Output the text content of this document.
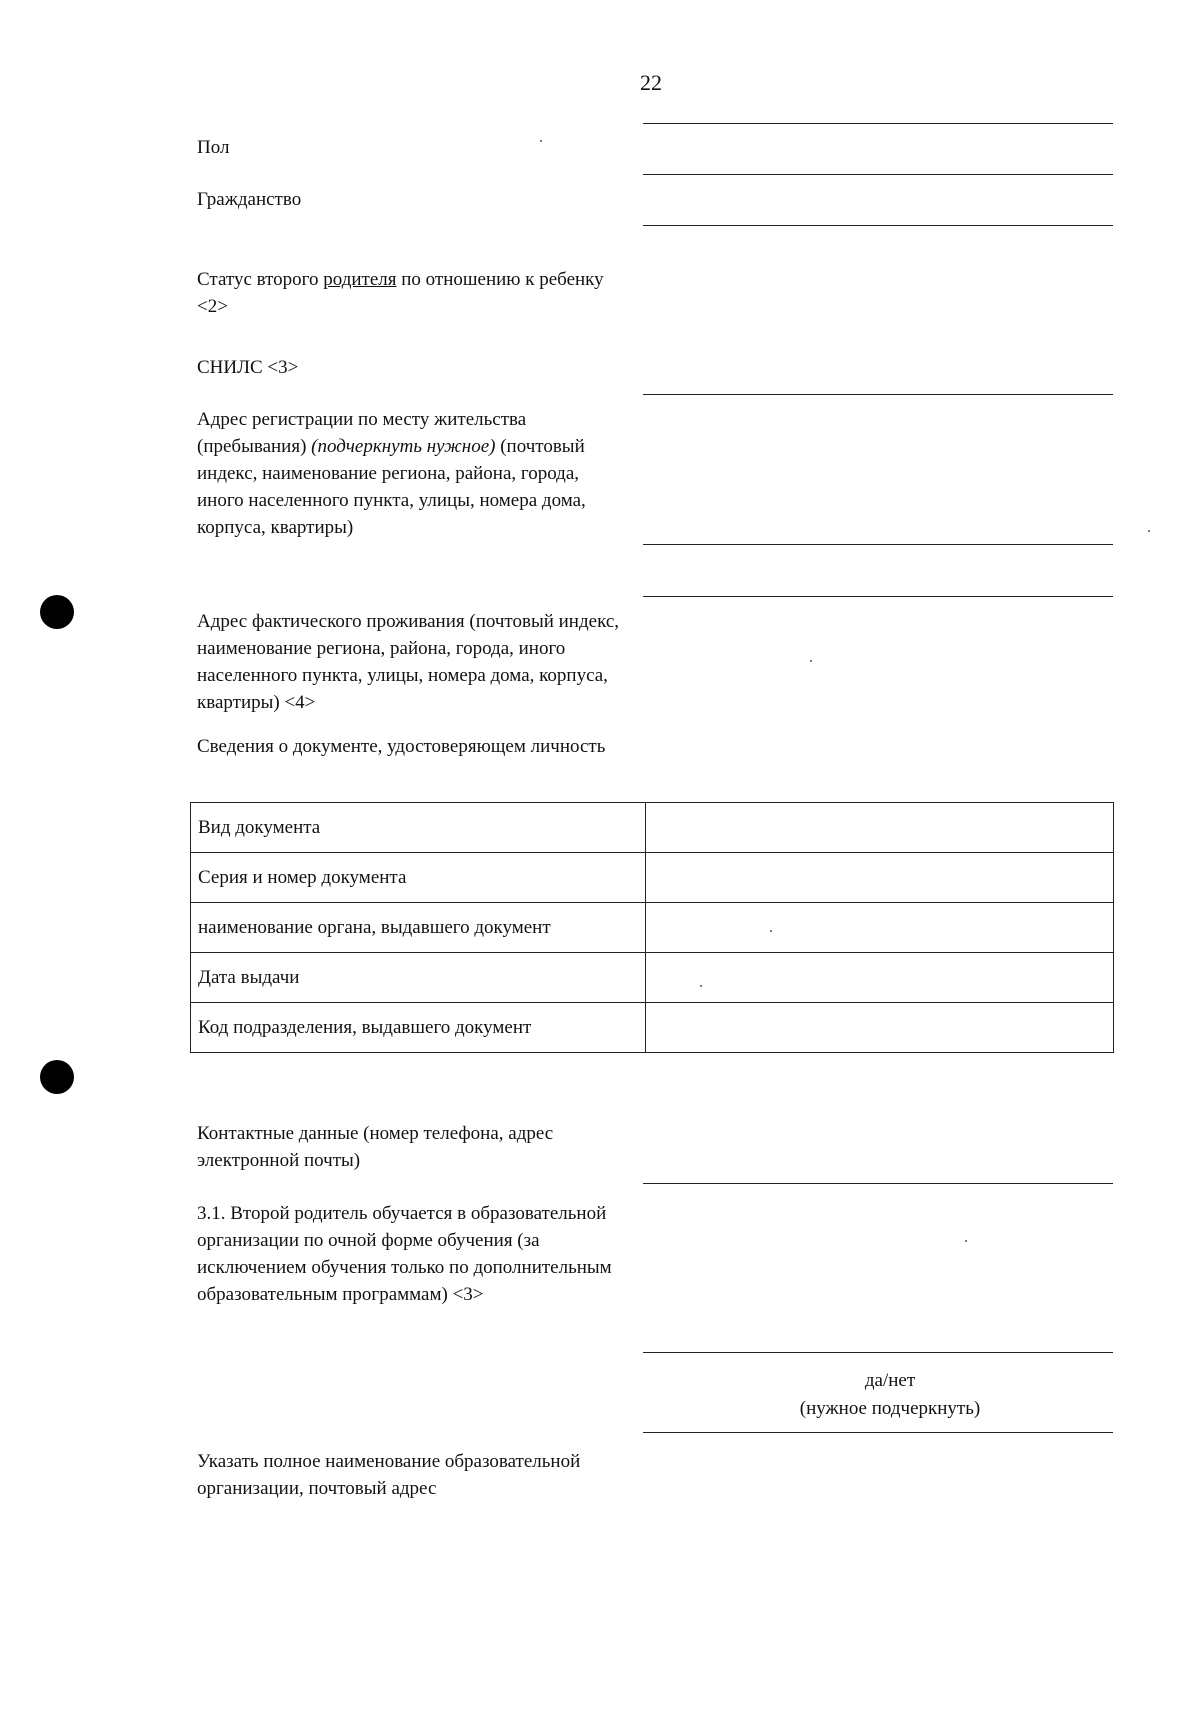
22
Пол
Гражданство
Статус второго родителя по отношению к ребенку <2>
СНИЛС <3>
Адрес регистрации по месту жительства (пребывания) (подчеркнуть нужное) (почтовый индекс, наименование региона, района, города, иного населенного пункта, улицы, номера дома, корпуса, квартиры)
Адрес фактического проживания (почтовый индекс, наименование региона, района, города, иного населенного пункта, улицы, номера дома, корпуса, квартиры) <4>
Сведения о документе, удостоверяющем личность
Вид документа	
Серия и номер документа	
наименование органа, выдавшего документ	
Дата выдачи	
Код подразделения, выдавшего документ	
Контактные данные (номер телефона, адрес электронной почты)
3.1. Второй родитель обучается в образовательной организации по очной форме обучения (за исключением обучения только по дополнительным образовательным программам) <3>
да/нет
(нужное подчеркнуть)
Указать полное наименование образовательной организации, почтовый адрес
